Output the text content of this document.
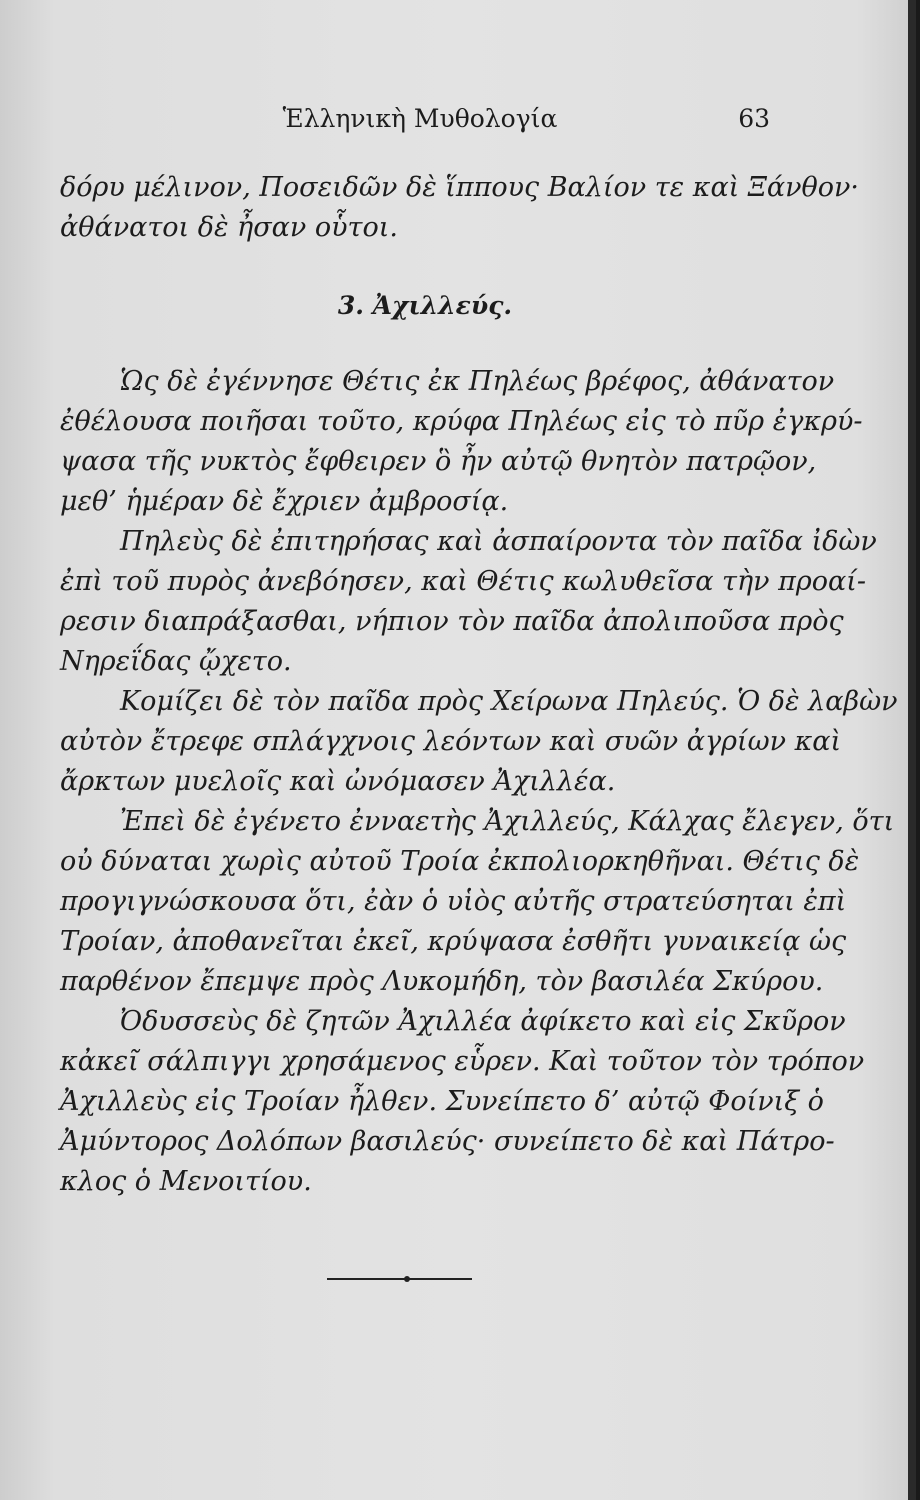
Ἑλληνικὴ Μυθολογία	63
δόρυ μέλινον, Ποσειδῶν δὲ ἵππους Βαλίον τε καὶ Ξάνθον·
ἀθάνατοι δὲ ἦσαν οὗτοι.
3. Ἀχιλλεύς.
Ὡς δὲ ἐγέννησε Θέτις ἐκ Πηλέως βρέφος, ἀθάνατον
ἐθέλουσα ποιῆσαι τοῦτο, κρύφα Πηλέως εἰς τὸ πῦρ ἐγκρύ-
ψασα τῆς νυκτὸς ἔφθειρεν ὃ ἦν αὐτῷ θνητὸν πατρῷον,
μεθ’ ἡμέραν δὲ ἔχριεν ἀμβροσίᾳ.
Πηλεὺς δὲ ἐπιτηρήσας καὶ ἀσπαίροντα τὸν παῖδα ἰδὼν
ἐπὶ τοῦ πυρὸς ἀνεβόησεν, καὶ Θέτις κωλυθεῖσα τὴν προαί-
ρεσιν διαπράξασθαι, νήπιον τὸν παῖδα ἀπολιποῦσα πρὸς
Νηρεΐδας ᾤχετο.
Κομίζει δὲ τὸν παῖδα πρὸς Χείρωνα Πηλεύς. Ὁ δὲ λαβὼν
αὐτὸν ἔτρεφε σπλάγχνοις λεόντων καὶ συῶν ἀγρίων καὶ
ἄρκτων μυελοῖς καὶ ὠνόμασεν Ἀχιλλέα.
Ἐπεὶ δὲ ἐγένετο ἐνναετὴς Ἀχιλλεύς, Κάλχας ἔλεγεν, ὅτι
οὐ δύναται χωρὶς αὐτοῦ Τροία ἐκπολιορκηθῆναι. Θέτις δὲ
προγιγνώσκουσα ὅτι, ἐὰν ὁ υἱὸς αὐτῆς στρατεύσηται ἐπὶ
Τροίαν, ἀποθανεῖται ἐκεῖ, κρύψασα ἐσθῆτι γυναικείᾳ ὡς
παρθένον ἔπεμψε πρὸς Λυκομήδη, τὸν βασιλέα Σκύρου.
Ὀδυσσεὺς δὲ ζητῶν Ἀχιλλέα ἀφίκετο καὶ εἰς Σκῦρον
κἀκεῖ σάλπιγγι χρησάμενος εὗρεν. Καὶ τοῦτον τὸν τρόπον
Ἀχιλλεὺς εἰς Τροίαν ἦλθεν. Συνείπετο δ’ αὐτῷ Φοίνιξ ὁ
Ἀμύντορος Δολόπων βασιλεύς· συνείπετο δὲ καὶ Πάτρο-
κλος ὁ Μενοιτίου.
